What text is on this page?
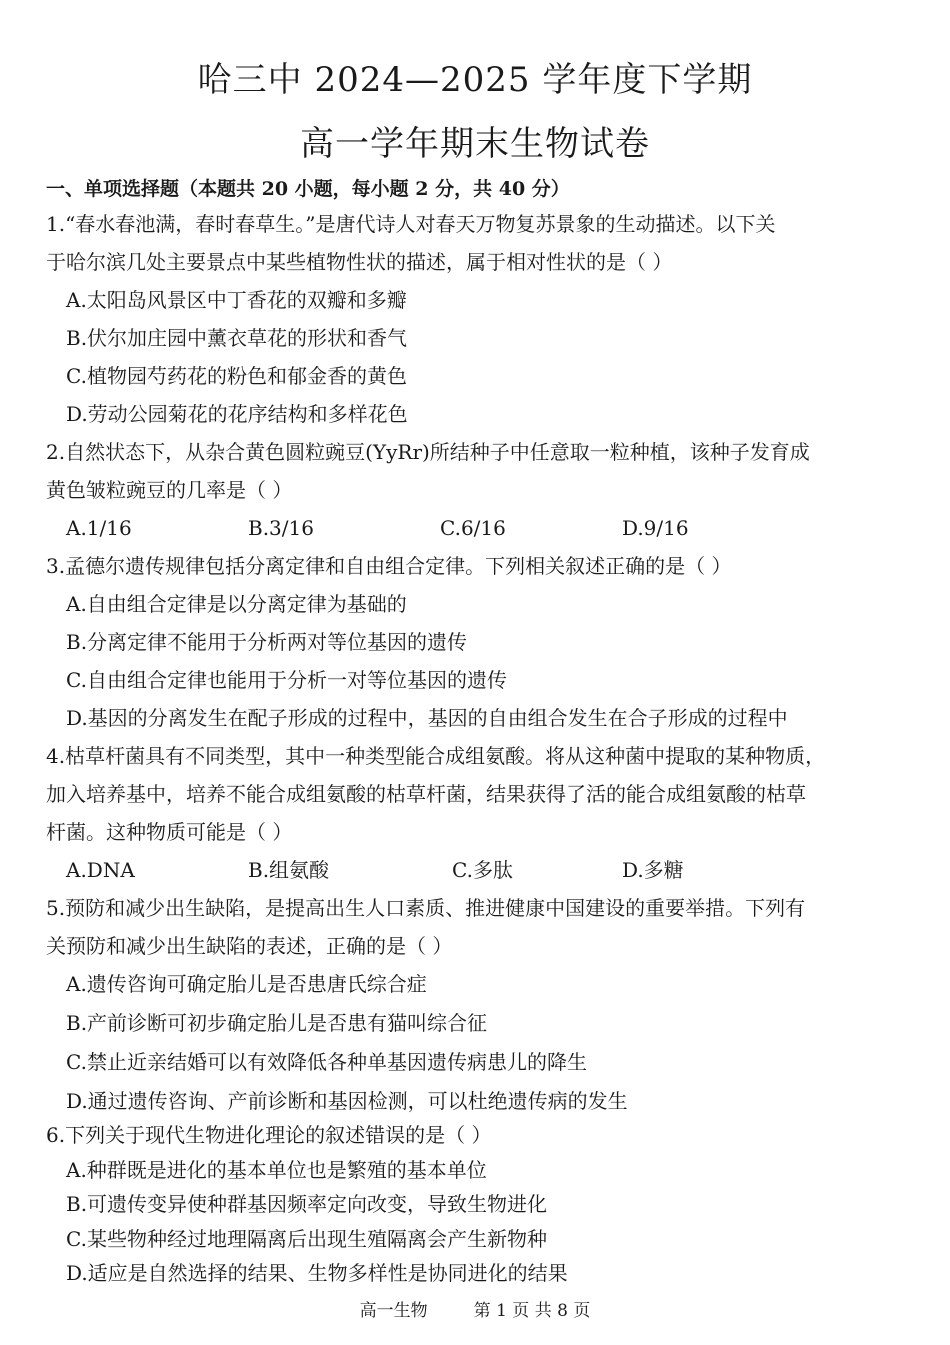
哈三中 2024—2025 学年度下学期
高一学年期末生物试卷
一、单项选择题（本题共 20 小题，每小题 2 分，共 40 分）
1.“春水春池满，春时春草生。”是唐代诗人对春天万物复苏景象的生动描述。以下关
于哈尔滨几处主要景点中某些植物性状的描述，属于相对性状的是（ ）
A.太阳岛风景区中丁香花的双瓣和多瓣
B.伏尔加庄园中薰衣草花的形状和香气
C.植物园芍药花的粉色和郁金香的黄色
D.劳动公园菊花的花序结构和多样花色
2.自然状态下，从杂合黄色圆粒豌豆(YyRr)所结种子中任意取一粒种植，该种子发育成
黄色皱粒豌豆的几率是（ ）
A.1/16	B.3/16	C.6/16	D.9/16
3.孟德尔遗传规律包括分离定律和自由组合定律。下列相关叙述正确的是（ ）
A.自由组合定律是以分离定律为基础的
B.分离定律不能用于分析两对等位基因的遗传
C.自由组合定律也能用于分析一对等位基因的遗传
D.基因的分离发生在配子形成的过程中，基因的自由组合发生在合子形成的过程中
4.枯草杆菌具有不同类型，其中一种类型能合成组氨酸。将从这种菌中提取的某种物质，
加入培养基中，培养不能合成组氨酸的枯草杆菌，结果获得了活的能合成组氨酸的枯草
杆菌。这种物质可能是（ ）
A.DNA	B.组氨酸	C.多肽	D.多糖
5.预防和减少出生缺陷，是提高出生人口素质、推进健康中国建设的重要举措。下列有
关预防和减少出生缺陷的表述，正确的是（ ）
A.遗传咨询可确定胎儿是否患唐氏综合症
B.产前诊断可初步确定胎儿是否患有猫叫综合征
C.禁止近亲结婚可以有效降低各种单基因遗传病患儿的降生
D.通过遗传咨询、产前诊断和基因检测，可以杜绝遗传病的发生
6.下列关于现代生物进化理论的叙述错误的是（ ）
A.种群既是进化的基本单位也是繁殖的基本单位
B.可遗传变异使种群基因频率定向改变，导致生物进化
C.某些物种经过地理隔离后出现生殖隔离会产生新物种
D.适应是自然选择的结果、生物多样性是协同进化的结果
高一生物	第 1 页 共 8 页
